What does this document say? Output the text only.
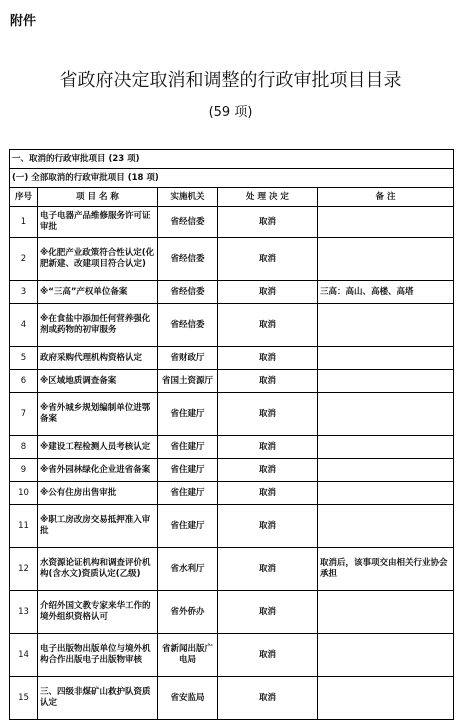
附件
省政府决定取消和调整的行政审批项目目录
(59 项)
一、取消的行政审批项目 (23 项)				
(一) 全部取消的行政审批项目 (18 项)				
序号	项 目 名 称	实施机关	处 理 决 定	备 注
1	电子电器产品维修服务许可证审批	省经信委	取消	
2	※化肥产业政策符合性认定(化肥新建、改建项目符合认定)	省经信委	取消	
3	※“三高”产权单位备案	省经信委	取消	三高：高山、高楼、高塔
4	※在食盐中添加任何营养强化剂或药物的初审服务	省经信委	取消	
5	政府采购代理机构资格认定	省财政厅	取消	
6	※区域地质调查备案	省国土资源厅	取消	
7	※省外城乡规划编制单位进鄂备案	省住建厅	取消	
8	※建设工程检测人员考核认定	省住建厅	取消	
9	※省外园林绿化企业进省备案	省住建厅	取消	
10	※公有住房出售审批	省住建厅	取消	
11	※职工房改房交易抵押准入审批	省住建厅	取消	
12	水资源论证机构和调查评价机构(含水文)资质认定(乙级)	省水利厅	取消	取消后，该事项交由相关行业协会承担
13	介绍外国文教专家来华工作的境外组织资格认可	省外侨办	取消	
14	电子出版物出版单位与境外机构合作出版电子出版物审核	省新闻出版广电局	取消	
15	三、四级非煤矿山救护队资质认定	省安监局	取消	
